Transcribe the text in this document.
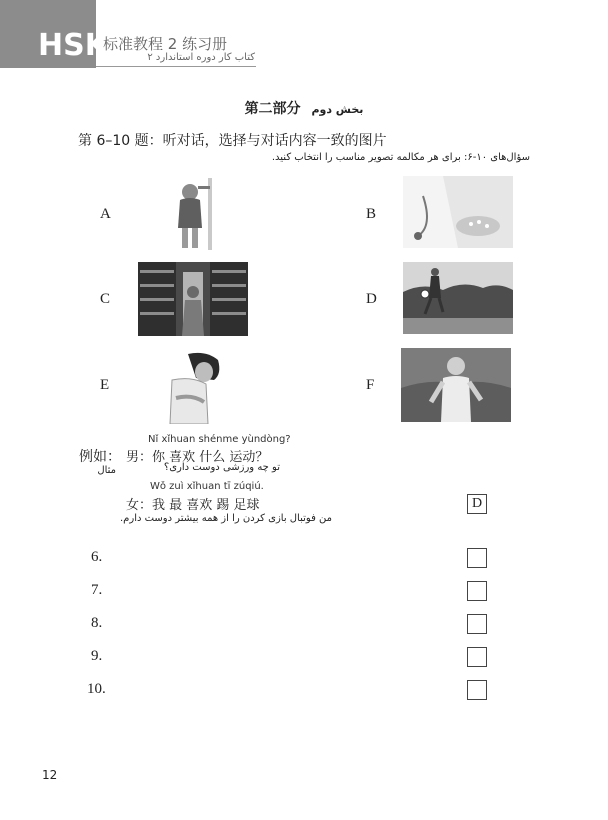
HSK
标准教程 2 练习册
کتاب کار دوره استاندارد ۲
第二部分 بخش دوم
第 6–10 题：听对话，选择与对话内容一致的图片
سؤال‌های ۱۰-۶: برای هر مکالمه تصویر مناسب را انتخاب کنید.
A	B
C	D
E	F
Nǐ xǐhuan shénme yùndòng?
例如： 男：你 喜欢 什么 运动？
مثال	تو چه ورزشی دوست داری؟
Wǒ zuì xǐhuan tī zúqiú.
女：我 最 喜欢 踢 足球
من فوتبال بازی کردن را از همه بیشتر دوست دارم.
D
6.
7.
8.
9.
10.
12
